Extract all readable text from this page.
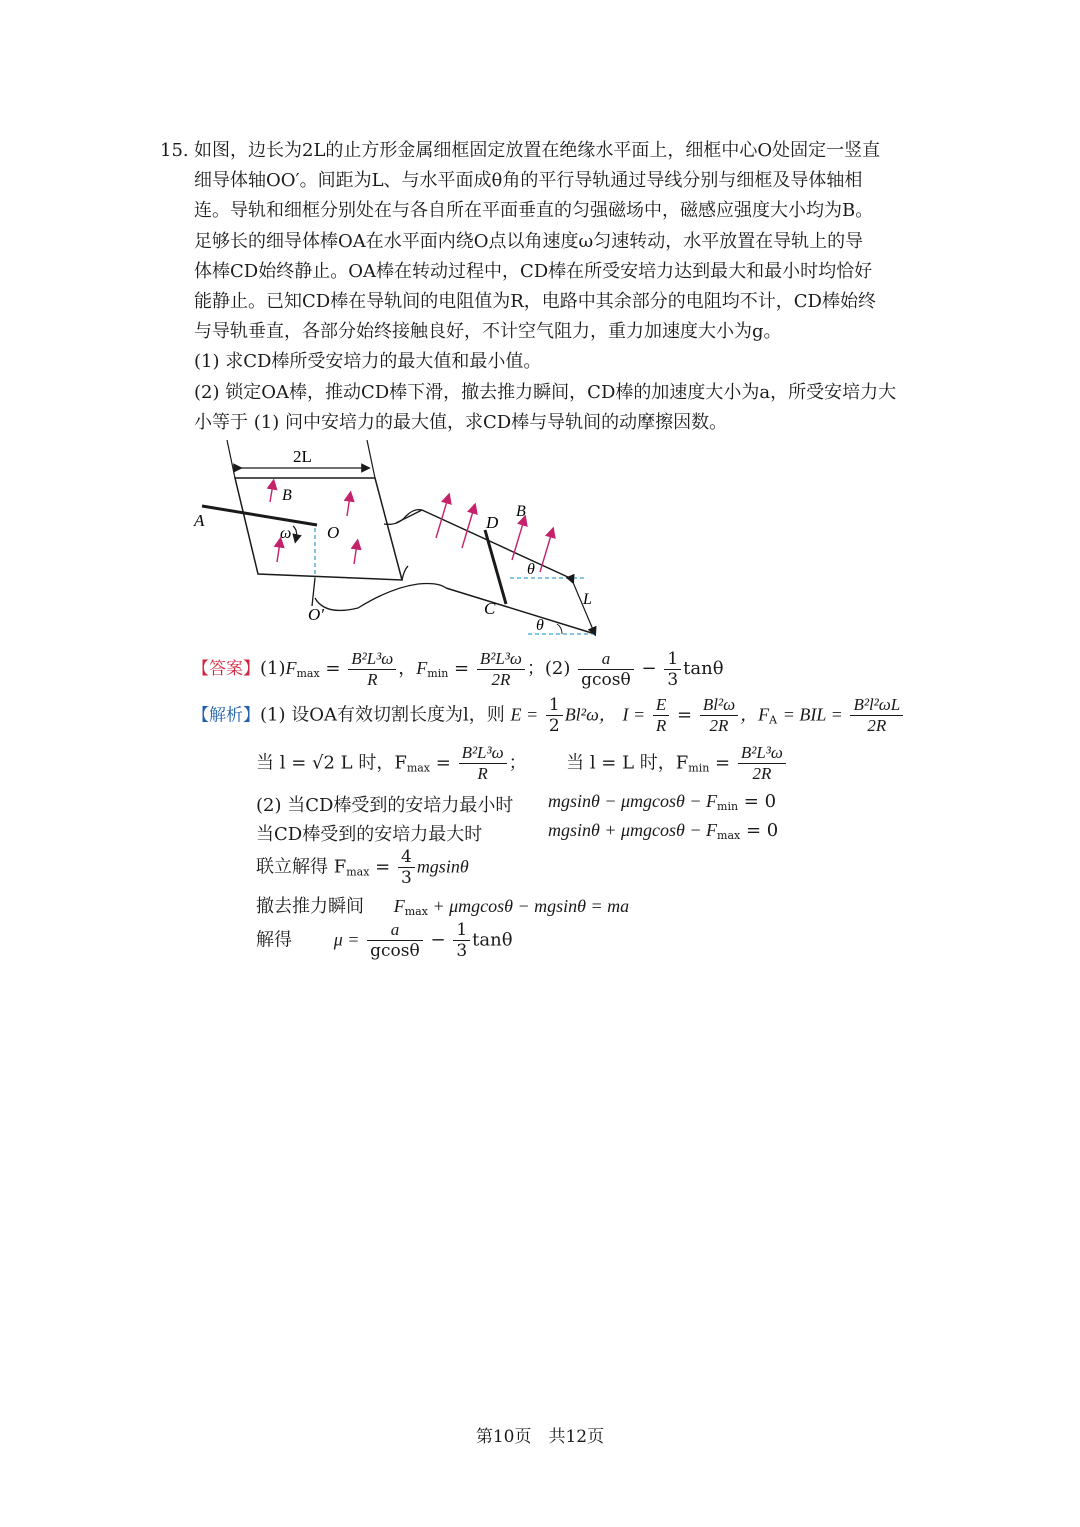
15. 如图，边长为2L的止方形金属细框固定放置在绝缘水平面上，细框中心O处固定一竖直

细导体轴OO′。间距为L、与水平面成θ角的平行导轨通过导线分别与细框及导体轴相

连。导轨和细框分别处在与各自所在平面垂直的匀强磁场中，磁感应强度大小均为B。

足够长的细导体棒OA在水平面内绕O点以角速度ω匀速转动，水平放置在导轨上的导

体棒CD始终静止。OA棒在转动过程中，CD棒在所受安培力达到最大和最小时均恰好

能静止。已知CD棒在导轨间的电阻值为R，电路中其余部分的电阻均不计，CD棒始终

与导轨垂直，各部分始终接触良好，不计空气阻力，重力加速度大小为g。

(1) 求CD棒所受安培力的最大值和最小值。

(2) 锁定OA棒，推动CD棒下滑，撤去推力瞬间，CD棒的加速度大小为a，所受安培力大

小等于 (1) 问中安培力的最大值，求CD棒与导轨间的动摩擦因数。

2L
B
A
ω O
O′
D
C
B
θ
θ
L
【答案】$(1)F_{max} = \frac{\text{B²L³ω}}{R}$ ，$F_{min} = \frac{\text{B²L³ω}}{2R}$ ；$(2) \frac{a}{gcos\theta} - \frac{1}{3}$ tanθ
【解析】(1) 设OA有效切割长度为l，则 $E = \frac{1}{2} Bl^2\omega$， $I = \frac{E}{R} = \frac{\text{Bl²ω}}{2R}$ ，$F_A$ = BIL = $\frac{\text{B²l²ωL}}{2R}$
当 l = √2 L 时，$F_{max} = \frac{\text{B²L³ω}}{R}$ ； 当 l = L 时，$F_{min} = \frac{\text{B²L³ω}}{2R}$
(2) 当CD棒受到的安培力最小时 $mgsin\theta - \mu mgcos\theta - F_{min} = 0$
当CD棒受到的安培力最大时	$mgsin\theta + \mu mgcos\theta - F_{max} = 0$
联立解得 $F_{max} = \frac{4}{3}$ mgsinθ
撤去推力瞬间 $F_{max} + \mu mgcos\theta - mgsin\theta$ = ma
解得 $\mu = \frac{a}{gcos\theta} - \frac{1}{3}$ tanθ
第10页　共12页
